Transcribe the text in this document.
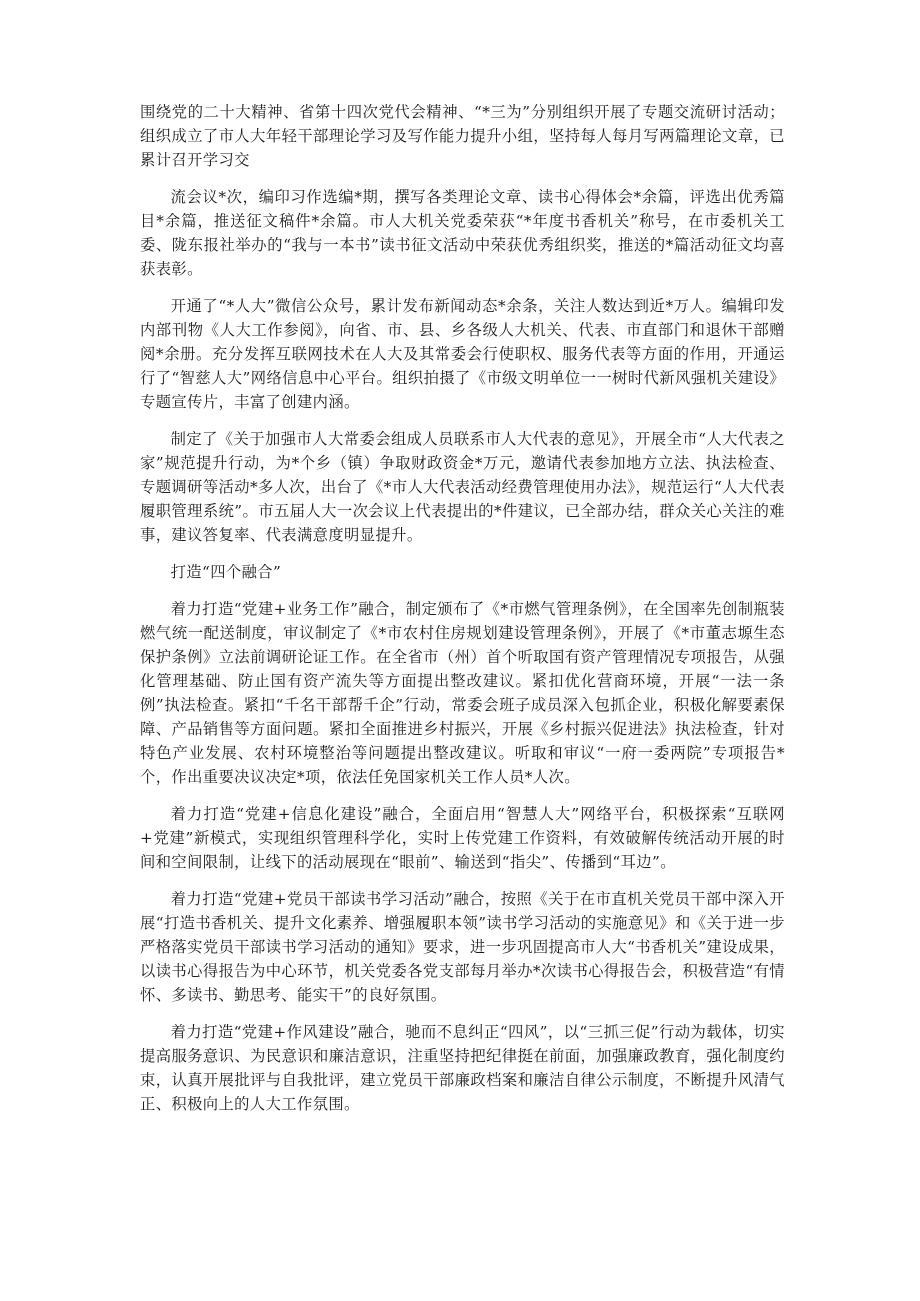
围绕党的二十大精神、省第十四次党代会精神、“*三为”分别组织开展了专题交流研讨活动；组织成立了市人大年轻干部理论学习及写作能力提升小组，坚持每人每月写两篇理论文章，已累计召开学习交

流会议*次，编印习作选编*期，撰写各类理论文章、读书心得体会*余篇，评选出优秀篇目*余篇，推送征文稿件*余篇。市人大机关党委荣获“*年度书香机关”称号，在市委机关工委、陇东报社举办的“我与一本书”读书征文活动中荣获优秀组织奖，推送的*篇活动征文均喜获表彰。

开通了“*人大”微信公众号，累计发布新闻动态*余条，关注人数达到近*万人。编辑印发内部刊物《人大工作参阅》，向省、市、县、乡各级人大机关、代表、市直部门和退休干部赠阅*余册。充分发挥互联网技术在人大及其常委会行使职权、服务代表等方面的作用，开通运行了“智慈人大”网络信息中心平台。组织拍摄了《市级文明单位一一树时代新风强机关建设》专题宣传片，丰富了创建内涵。

制定了《关于加强市人大常委会组成人员联系市人大代表的意见》，开展全市“人大代表之家”规范提升行动，为*个乡（镇）争取财政资金*万元，邀请代表参加地方立法、执法检查、专题调研等活动*多人次，出台了《*市人大代表活动经费管理使用办法》，规范运行“人大代表履职管理系统”。市五届人大一次会议上代表提出的*件建议，已全部办结，群众关心关注的难事，建议答复率、代表满意度明显提升。

打造“四个融合”

着力打造“党建+业务工作”融合，制定颁布了《*市燃气管理条例》，在全国率先创制瓶装燃气统一配送制度，审议制定了《*市农村住房规划建设管理条例》，开展了《*市董志塬生态保护条例》立法前调研论证工作。在全省市（州）首个听取国有资产管理情况专项报告，从强化管理基础、防止国有资产流失等方面提出整改建议。紧扣优化营商环境，开展“一法一条例”执法检查。紧扣“千名干部帮千企”行动，常委会班子成员深入包抓企业，积极化解要素保障、产品销售等方面问题。紧扣全面推进乡村振兴，开展《乡村振兴促进法》执法检查，针对特色产业发展、农村环境整治等问题提出整改建议。听取和审议“一府一委两院”专项报告*个，作出重要决议决定*项，依法任免国家机关工作人员*人次。

着力打造“党建+信息化建设”融合，全面启用“智慧人大”网络平台，积极探索“互联网+党建”新模式，实现组织管理科学化，实时上传党建工作资料，有效破解传统活动开展的时间和空间限制，让线下的活动展现在“眼前”、输送到“指尖”、传播到“耳边”。

着力打造“党建+党员干部读书学习活动”融合，按照《关于在市直机关党员干部中深入开展“打造书香机关、提升文化素养、增强履职本领”读书学习活动的实施意见》和《关于进一步严格落实党员干部读书学习活动的通知》要求，进一步巩固提高市人大“书香机关”建设成果，以读书心得报告为中心环节，机关党委各党支部每月举办*次读书心得报告会，积极营造“有情怀、多读书、勤思考、能实干”的良好氛围。

着力打造“党建+作风建设”融合，驰而不息纠正“四风”，以“三抓三促”行动为载体，切实提高服务意识、为民意识和廉洁意识，注重坚持把纪律挺在前面，加强廉政教育，强化制度约束，认真开展批评与自我批评，建立党员干部廉政档案和廉洁自律公示制度，不断提升风清气正、积极向上的人大工作氛围。
